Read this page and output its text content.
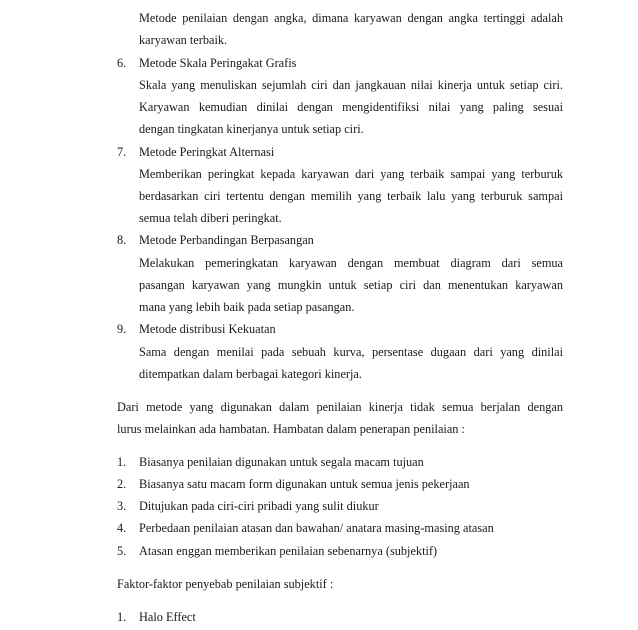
Metode penilaian dengan angka, dimana karyawan dengan angka tertinggi adalah
karyawan terbaik.
6. Metode Skala Peringakat Grafis
Skala yang menuliskan sejumlah ciri dan jangkauan nilai kinerja untuk setiap ciri.
Karyawan kemudian dinilai dengan mengidentifiksi nilai yang paling sesuai
dengan tingkatan kinerjanya untuk setiap ciri.
7. Metode Peringkat Alternasi
Memberikan peringkat kepada karyawan dari yang terbaik sampai yang terburuk
berdasarkan ciri tertentu dengan memilih yang terbaik lalu yang terburuk sampai
semua telah diberi peringkat.
8. Metode Perbandingan Berpasangan
Melakukan pemeringkatan karyawan dengan membuat diagram dari semua
pasangan karyawan yang mungkin untuk setiap ciri dan menentukan karyawan
mana yang lebih baik pada setiap pasangan.
9. Metode distribusi Kekuatan
Sama dengan menilai pada sebuah kurva, persentase dugaan dari yang dinilai
ditempatkan dalam berbagai kategori kinerja.
Dari metode yang digunakan dalam penilaian kinerja tidak semua berjalan dengan
lurus melainkan ada hambatan. Hambatan dalam penerapan penilaian :
1. Biasanya penilaian digunakan untuk segala macam tujuan
2. Biasanya satu macam form digunakan untuk semua jenis pekerjaan
3. Ditujukan pada ciri-ciri pribadi yang sulit diukur
4. Perbedaan penilaian atasan dan bawahan/ anatara masing-masing atasan
5. Atasan enggan memberikan penilaian sebenarnya (subjektif)
Faktor-faktor penyebab penilaian subjektif :
1. Halo Effect
